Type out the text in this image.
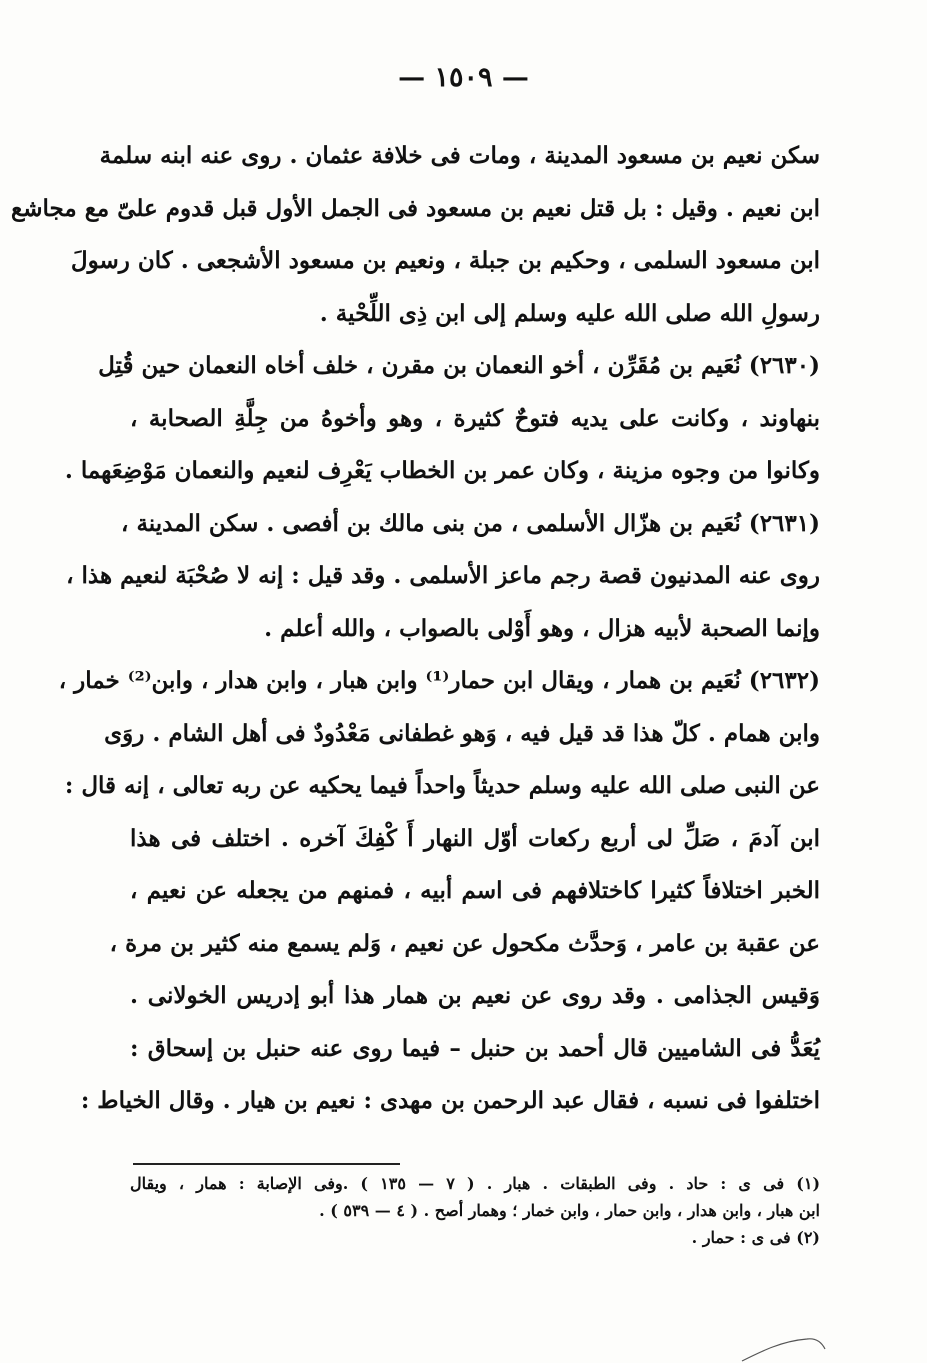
— ١٥٠٩ —
سكن نعيم بن مسعود المدينة ، ومات فى خلافة عثمان . روى عنه ابنه سلمة
ابن نعيم . وقيل : بل قتل نعيم بن مسعود فى الجمل الأول قبل قدوم علىّ مع مجاشع
ابن مسعود السلمى ، وحكيم بن جبلة ، ونعيم بن مسعود الأشجعى . كان رسولَ
رسولِ الله صلى الله عليه وسلم إلى ابن ذِى اللِّحْية .
(٢٦٣٠) نُعَيم بن مُقَرِّن ، أخو النعمان بن مقرن ، خلف أخاه النعمان حين قُتِل
بنهاوند ، وكانت على يديه فتوحٌ كثيرة ، وهو وأخوهُ من جِلَّةِ الصحابة ،
وكانوا من وجوه مزينة ، وكان عمر بن الخطاب يَعْرِف لنعيم والنعمان مَوْضِعَهما .
(٢٦٣١) نُعَيم بن هزّال الأسلمى ، من بنى مالك بن أفصى . سكن المدينة ،
روى عنه المدنيون قصة رجم ماعز الأسلمى . وقد قيل : إنه لا صُحْبَة لنعيم هذا ،
وإنما الصحبة لأبيه هزال ، وهو أَوْلى بالصواب ، والله أعلم .
(٢٦٣٢) نُعَيم بن همار ، ويقال ابن حمار⁽¹⁾ وابن هبار ، وابن هدار ، وابن⁽²⁾ خمار ،
وابن همام . كلّ هذا قد قيل فيه ، وَهو غطفانى مَعْدُودٌ فى أهل الشام . روَى
عن النبى صلى الله عليه وسلم حديثاً واحداً فيما يحكيه عن ربه تعالى ، إنه قال :
ابن آدمَ ، صَلِّ لى أربع ركعات أوّل النهار أَ كْفِكَ آخره . اختلف فى هذا
الخبر اختلافاً كثيرا كاختلافهم فى اسم أبيه ، فمنهم من يجعله عن نعيم ،
عن عقبة بن عامر ، وَحدَّث مكحول عن نعيم ، وَلم يسمع منه كثير بن مرة ،
وَقيس الجذامى . وقد روى عن نعيم بن همار هذا أبو إدريس الخولانى .
يُعَدُّ فى الشاميين قال أحمد بن حنبل – فيما روى عنه حنبل بن إسحاق :
اختلفوا فى نسبه ، فقال عبد الرحمن بن مهدى : نعيم بن هيار . وقال الخياط :
(١) فى ى : حاد . وفى الطبقات . هبار . ( ٧ — ١٣٥ ) .وفى الإصابة : همار ، ويقال
ابن هبار ، وابن هدار ، وابن حمار ، وابن خمار ؛ وهمار أصح . ( ٤ — ٥٣٩ ) .
(٢) فى ى : حمار .
